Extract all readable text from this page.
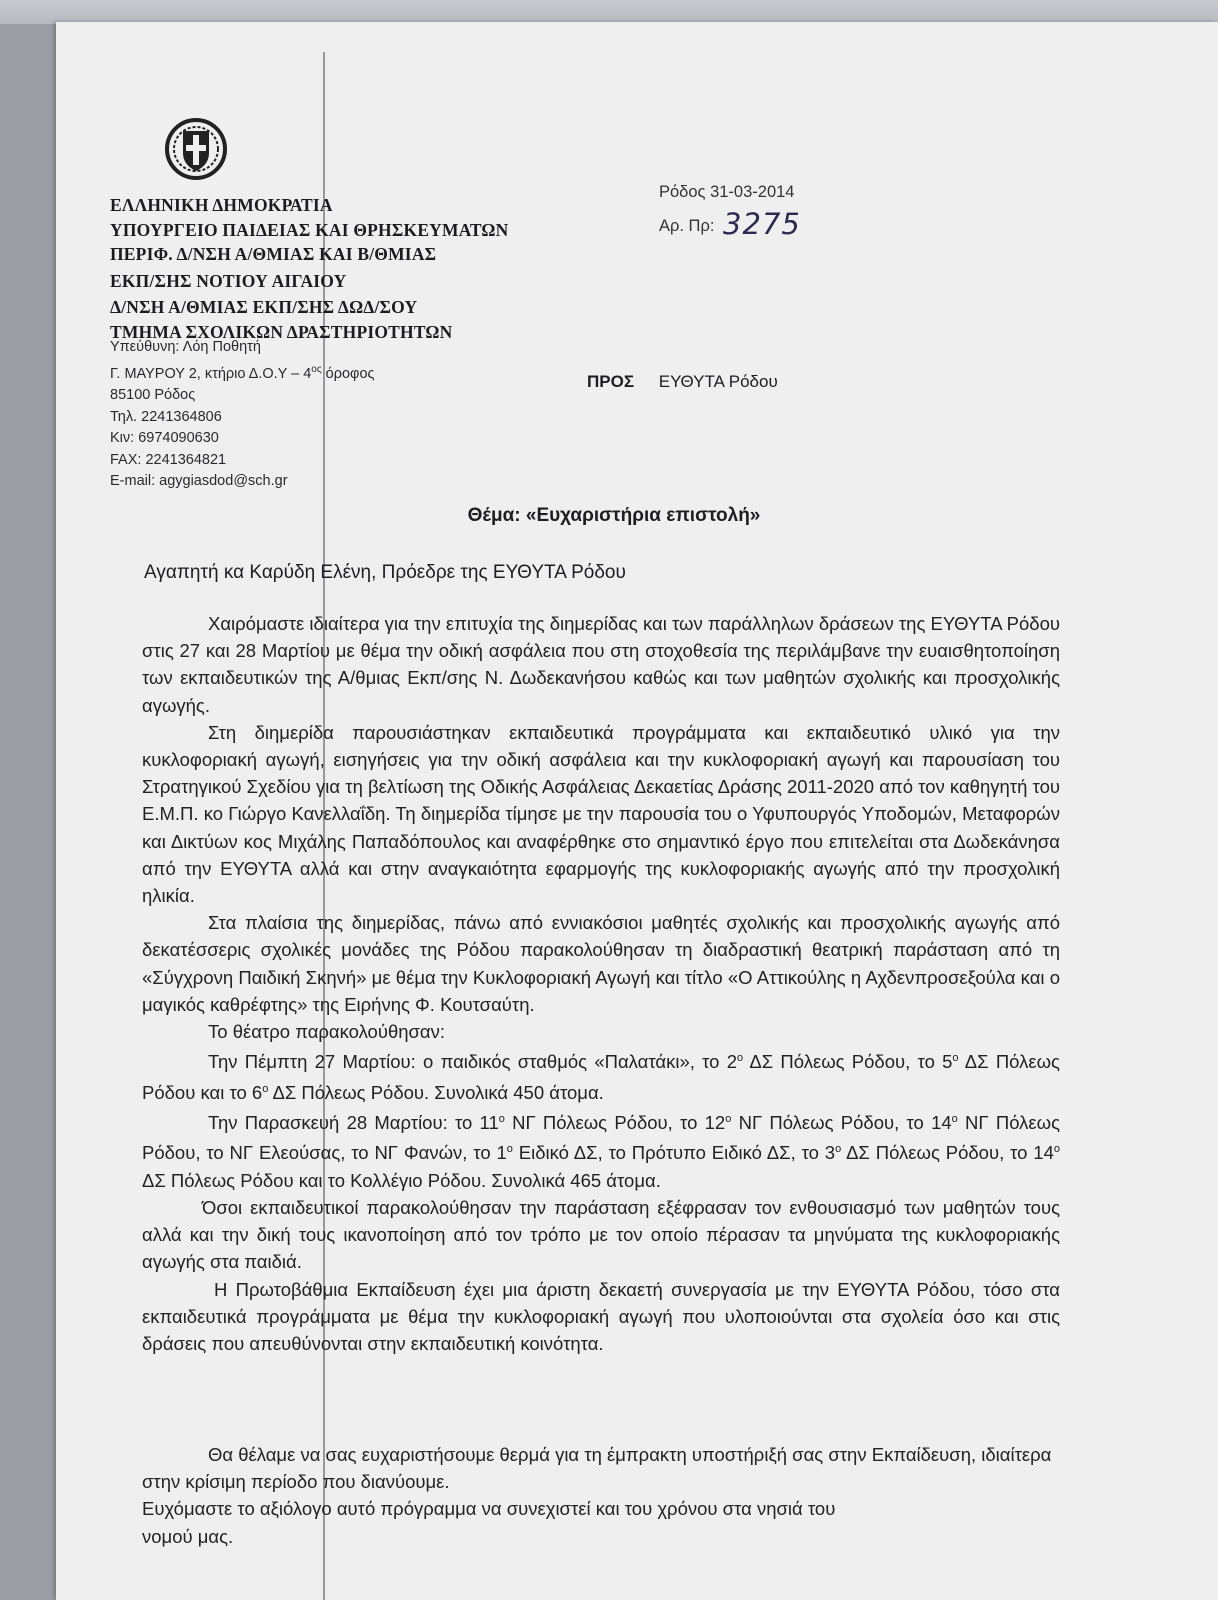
ΕΛΛΗΝΙΚΗ ΔΗΜΟΚΡΑΤΙΑ
ΥΠΟΥΡΓΕΙΟ ΠΑΙΔΕΙΑΣ ΚΑΙ ΘΡΗΣΚΕΥΜΑΤΩΝ
ΠΕΡΙΦ. Δ/ΝΣΗ Α/ΘΜΙΑΣ ΚΑΙ Β/ΘΜΙΑΣ
ΕΚΠ/ΣΗΣ ΝΟΤΙΟΥ ΑΙΓΑΙΟΥ
Δ/ΝΣΗ Α/ΘΜΙΑΣ ΕΚΠ/ΣΗΣ ΔΩΔ/ΣΟΥ
ΤΜΗΜΑ ΣΧΟΛΙΚΩΝ ΔΡΑΣΤΗΡΙΟΤΗΤΩΝ
Υπεύθυνη: Λόη Ποθητή
Γ. ΜΑΥΡΟΥ 2, κτήριο $\Delta.O.\Upsilon - 4^{o\varsigma}$ όροφος
85100 Ρόδος
Τηλ. 2241364806
Κιν: 6974090630
FAX: 2241364821
E-mail: agygiasdod@sch.gr
Ρόδος 31-03-2014
Αρ. Πρ: 3275
ΠΡΟΣ ΕΥΘΥΤΑ Ρόδου
Θέμα: «Ευχαριστήρια επιστολή»
Αγαπητή κα Καρύδη Ελένη, Πρόεδρε της ΕΥΘΥΤΑ Ρόδου

Χαιρόμαστε ιδιαίτερα για την επιτυχία της διημερίδας και των παράλληλων δράσεων της ΕΥΘΥΤΑ Ρόδου στις 27 και 28 Μαρτίου με θέμα την οδική ασφάλεια που στη στοχοθεσία της περιλάμβανε την ευαισθητοποίηση των εκπαιδευτικών της Α/θμιας Εκπ/σης Ν. Δωδεκανήσου καθώς και των μαθητών σχολικής και προσχολικής αγωγής.

Στη διημερίδα παρουσιάστηκαν εκπαιδευτικά προγράμματα και εκπαιδευτικό υλικό για την κυκλοφοριακή αγωγή, εισηγήσεις για την οδική ασφάλεια και την κυκλοφοριακή αγωγή και παρουσίαση του Στρατηγικού Σχεδίου για τη βελτίωση της Οδικής Ασφάλειας Δεκαετίας Δράσης 2011-2020 από τον καθηγητή του Ε.Μ.Π. κο Γιώργο Κανελλαΐδη. Τη διημερίδα τίμησε με την παρουσία του ο Υφυπουργός Υποδομών, Μεταφορών και Δικτύων κος Μιχάλης Παπαδόπουλος και αναφέρθηκε στο σημαντικό έργο που επιτελείται στα Δωδεκάνησα από την ΕΥΘΥΤΑ αλλά και στην αναγκαιότητα εφαρμογής της κυκλοφοριακής αγωγής από την προσχολική ηλικία.

Στα πλαίσια της διημερίδας, πάνω από εννιακόσιοι μαθητές σχολικής και προσχολικής αγωγής από δεκατέσσερις σχολικές μονάδες της Ρόδου παρακολούθησαν τη διαδραστική θεατρική παράσταση από τη «Σύγχρονη Παιδική Σκηνή» με θέμα την Κυκλοφοριακή Αγωγή και τίτλο «Ο Αττικούλης η Αχδενπροσεξούλα και ο μαγικός καθρέφτης» της Ειρήνης Φ. Κουτσαύτη.

Το θέατρο παρακολούθησαν:

Την Πέμπτη 27 Μαρτίου: ο παιδικός σταθμός «Παλατάκι», το $2^o$ ΔΣ Πόλεως Ρόδου, το $5^o$ ΔΣ Πόλεως Ρόδου και το $6^o$ ΔΣ Πόλεως Ρόδου. Συνολικά 450 άτομα.

Την Παρασκευή 28 Μαρτίου: το $11^o$ ΝΓ Πόλεως Ρόδου, το $12^o$ ΝΓ Πόλεως Ρόδου, το $14^o$ ΝΓ Πόλεως Ρόδου, το ΝΓ Ελεούσας, το ΝΓ Φανών, το $1^o$ Ειδικό ΔΣ, το Πρότυπο Ειδικό ΔΣ, το $3^o$ ΔΣ Πόλεως Ρόδου, το $14^o$ ΔΣ Πόλεως Ρόδου και το Κολλέγιο Ρόδου. Συνολικά 465 άτομα.

Όσοι εκπαιδευτικοί παρακολούθησαν την παράσταση εξέφρασαν τον ενθουσιασμό των μαθητών τους αλλά και την δική τους ικανοποίηση από τον τρόπο με τον οποίο πέρασαν τα μηνύματα της κυκλοφοριακής αγωγής στα παιδιά.

Η Πρωτοβάθμια Εκπαίδευση έχει μια άριστη δεκαετή συνεργασία με την ΕΥΘΥΤΑ Ρόδου, τόσο στα εκπαιδευτικά προγράμματα με θέμα την κυκλοφοριακή αγωγή που υλοποιούνται στα σχολεία όσο και στις δράσεις που απευθύνονται στην εκπαιδευτική κοινότητα.

Θα θέλαμε να σας ευχαριστήσουμε θερμά για τη έμπρακτη υποστήριξή σας στην Εκπαίδευση, ιδιαίτερα στην κρίσιμη περίοδο που διανύουμε.

Ευχόμαστε το αξιόλογο αυτό πρόγραμμα να συνεχιστεί και του χρόνου στα νησιά του νομού μας.
